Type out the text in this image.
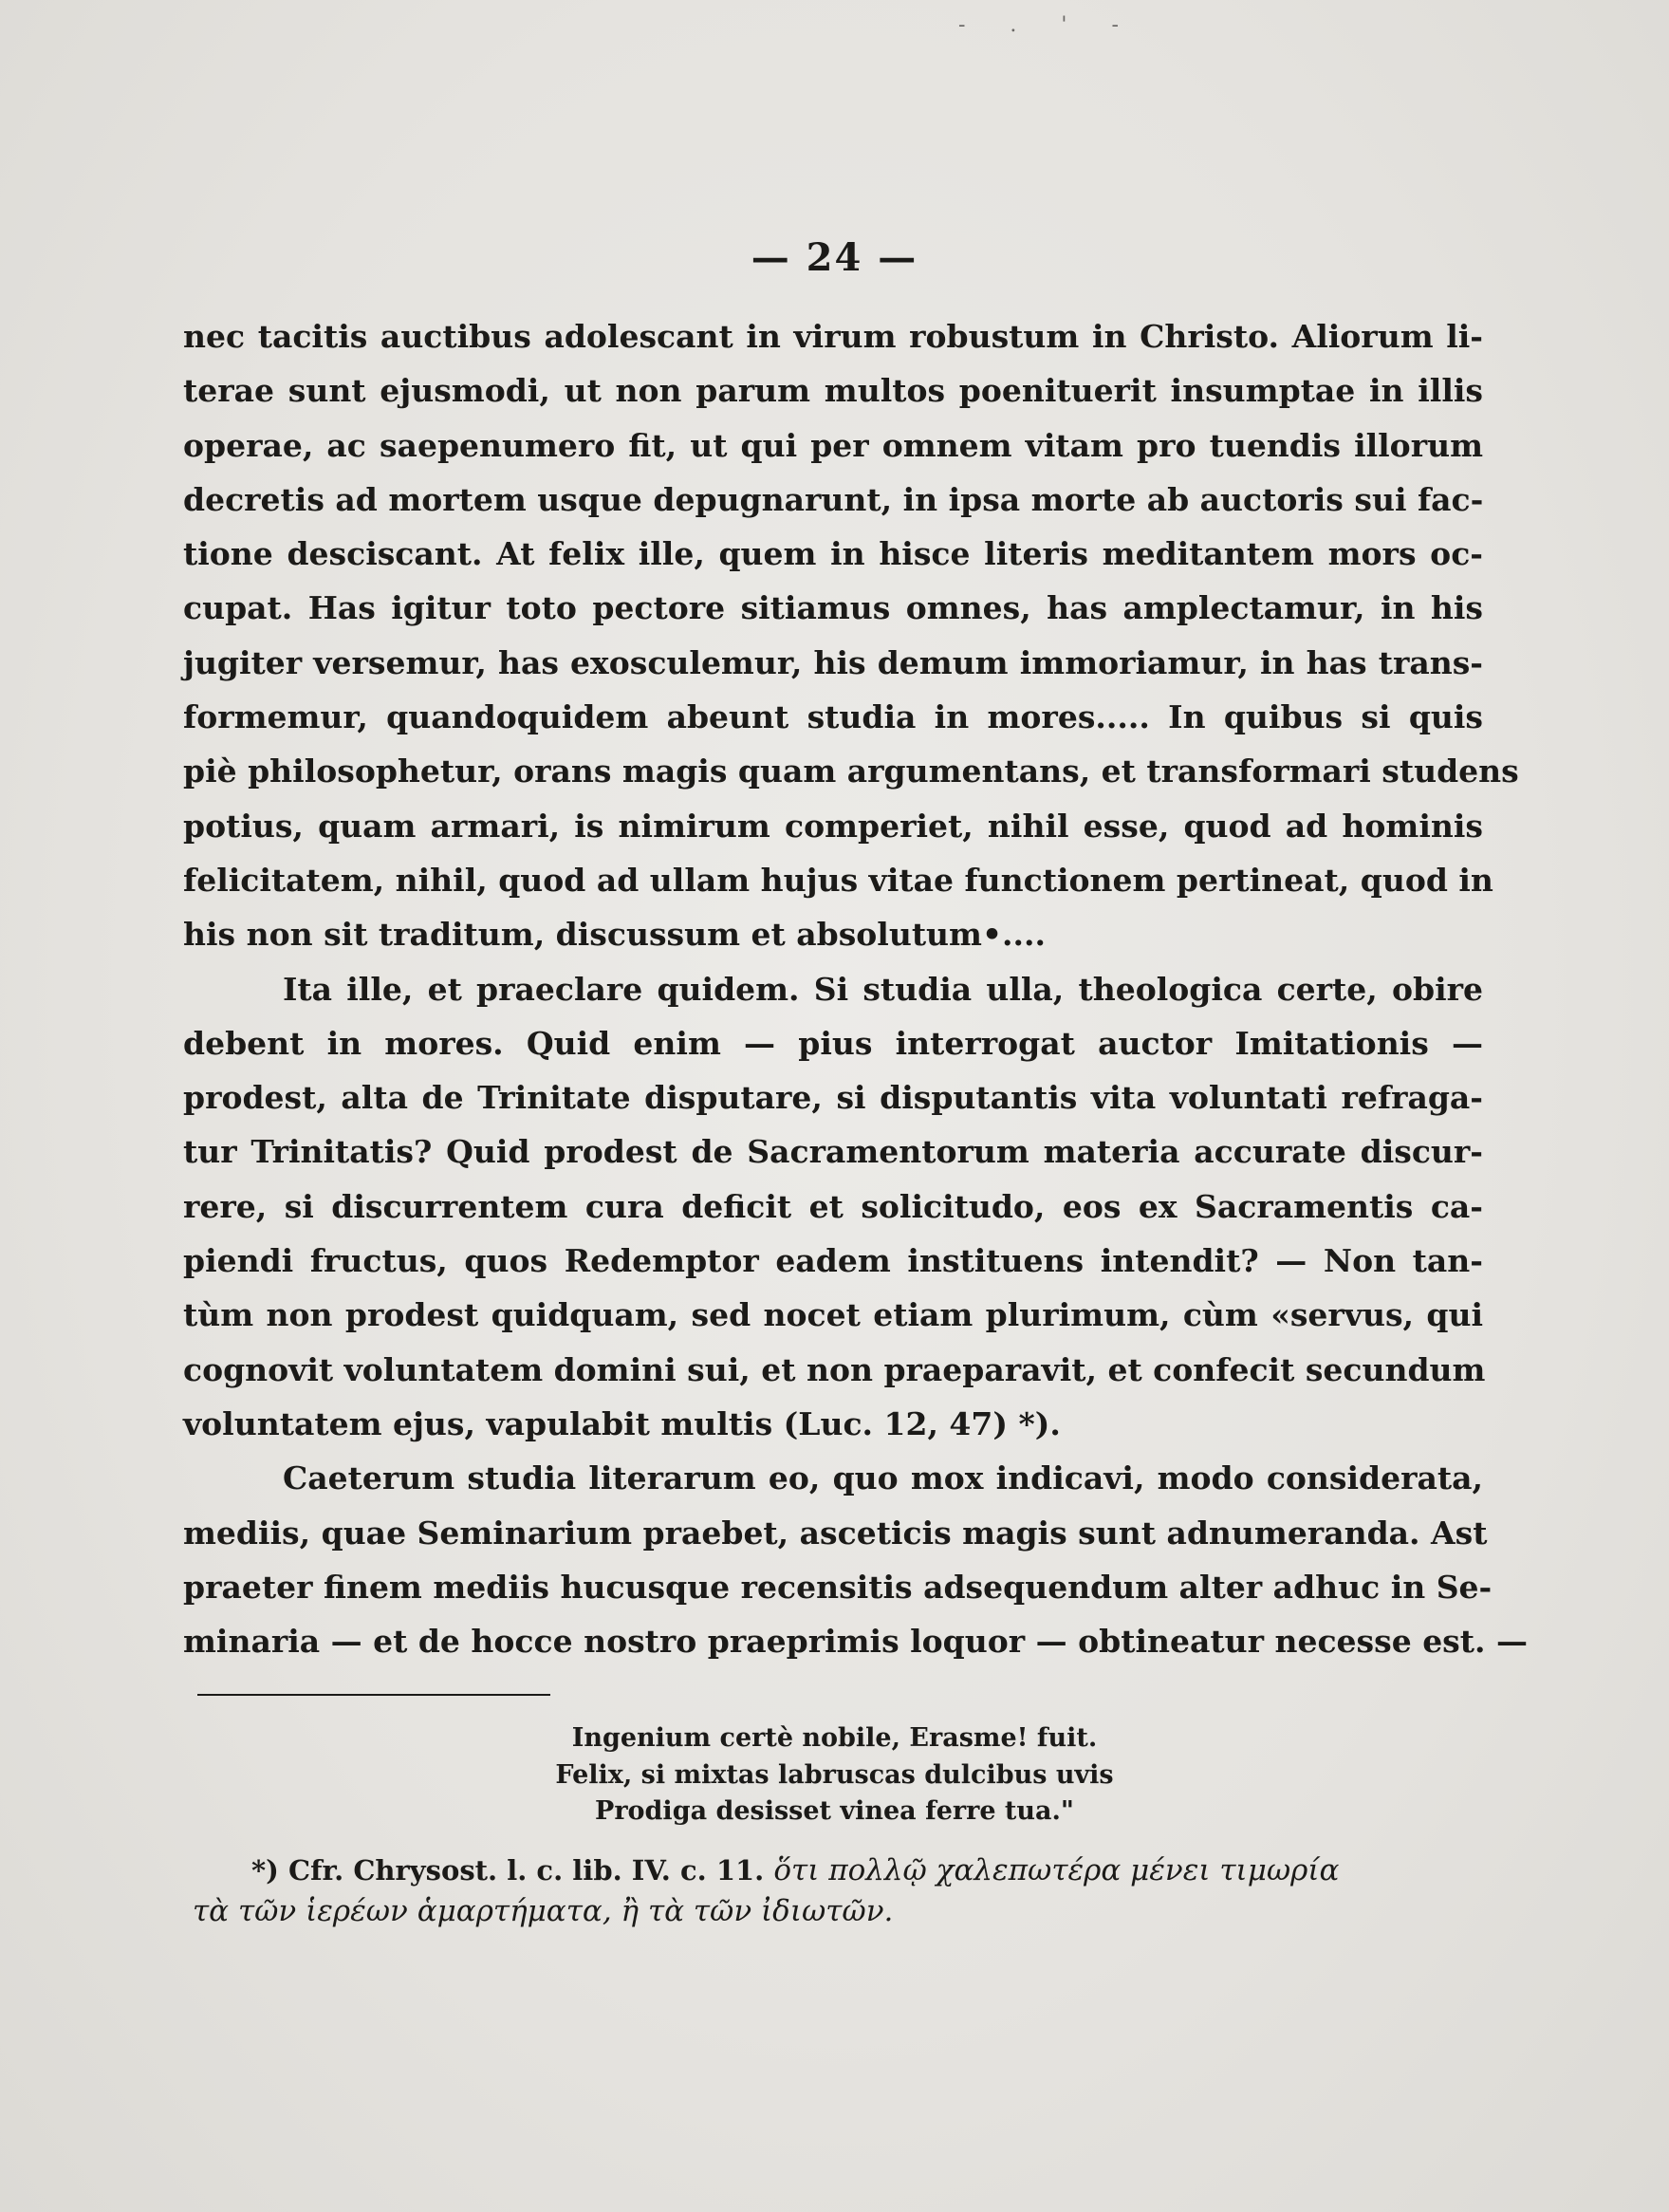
- . ' -
— 24 —
nec tacitis auctibus adolescant in virum robustum in Christo. Aliorum li-
terae sunt ejusmodi, ut non parum multos poenituerit insumptae in illis
operae, ac saepenumero fit, ut qui per omnem vitam pro tuendis illorum
decretis ad mortem usque depugnarunt, in ipsa morte ab auctoris sui fac-
tione desciscant. At felix ille, quem in hisce literis meditantem mors oc-
cupat. Has igitur toto pectore sitiamus omnes, has amplectamur, in his
jugiter versemur, has exosculemur, his demum immoriamur, in has trans-
formemur, quandoquidem abeunt studia in mores..... In quibus si quis
piè philosophetur, orans magis quam argumentans, et transformari studens
potius, quam armari, is nimirum comperiet, nihil esse, quod ad hominis
felicitatem, nihil, quod ad ullam hujus vitae functionem pertineat, quod in
his non sit traditum, discussum et absolutum•....
Ita ille, et praeclare quidem. Si studia ulla, theologica certe, obire
debent in mores. Quid enim — pius interrogat auctor Imitationis —
prodest, alta de Trinitate disputare, si disputantis vita voluntati refraga-
tur Trinitatis? Quid prodest de Sacramentorum materia accurate discur-
rere, si discurrentem cura deficit et solicitudo, eos ex Sacramentis ca-
piendi fructus, quos Redemptor eadem instituens intendit? — Non tan-
tùm non prodest quidquam, sed nocet etiam plurimum, cùm «servus, qui
cognovit voluntatem domini sui, et non praeparavit, et confecit secundum
voluntatem ejus, vapulabit multis (Luc. 12, 47) *).
Caeterum studia literarum eo, quo mox indicavi, modo considerata,
mediis, quae Seminarium praebet, asceticis magis sunt adnumeranda. Ast
praeter finem mediis hucusque recensitis adsequendum alter adhuc in Se-
minaria — et de hocce nostro praeprimis loquor — obtineatur necesse est. —
Ingenium certè nobile, Erasme! fuit.
Felix, si mixtas labruscas dulcibus uvis
Prodiga desisset vinea ferre tua."
*) Cfr. Chrysost. l. c. lib. IV. c. 11. ὅτι πολλῷ χαλεπωτέρα μένει τιμωρία
τὰ τῶν ἱερέων ἁμαρτήματα, ἢ τὰ τῶν ἰδιωτῶν.
